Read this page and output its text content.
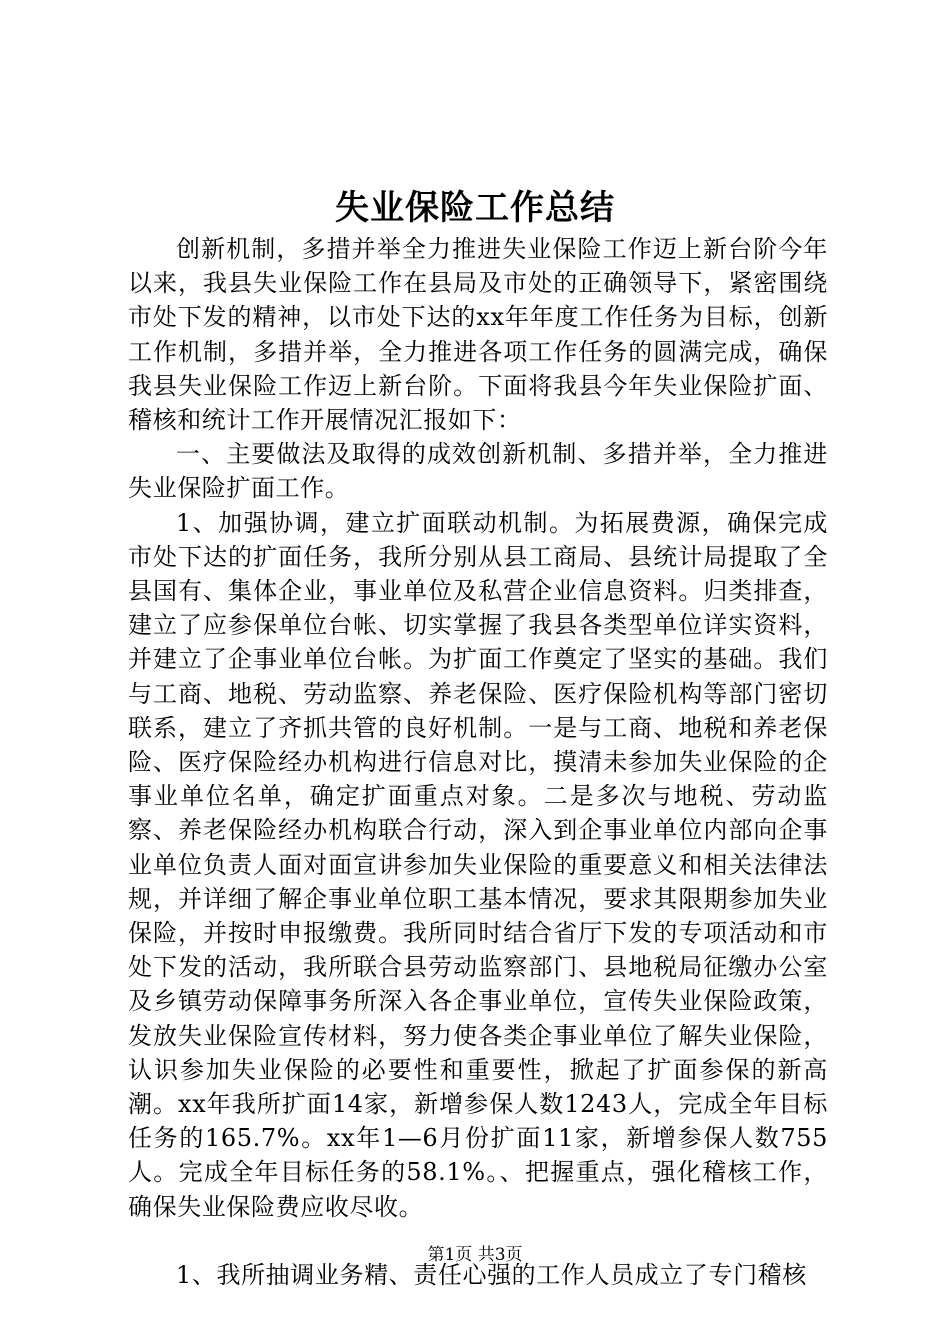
失业保险工作总结

创新机制，多措并举全力推进失业保险工作迈上新台阶今年以来，我县失业保险工作在县局及市处的正确领导下，紧密围绕市处下发的精神，以市处下达的xx年年度工作任务为目标，创新工作机制，多措并举，全力推进各项工作任务的圆满完成，确保我县失业保险工作迈上新台阶。下面将我县今年失业保险扩面、稽核和统计工作开展情况汇报如下：

一、主要做法及取得的成效创新机制、多措并举，全力推进失业保险扩面工作。

1、加强协调，建立扩面联动机制。为拓展费源，确保完成市处下达的扩面任务，我所分别从县工商局、县统计局提取了全县国有、集体企业，事业单位及私营企业信息资料。归类排查，建立了应参保单位台帐、切实掌握了我县各类型单位详实资料，并建立了企事业单位台帐。为扩面工作奠定了坚实的基础。我们与工商、地税、劳动监察、养老保险、医疗保险机构等部门密切联系，建立了齐抓共管的良好机制。一是与工商、地税和养老保险、医疗保险经办机构进行信息对比，摸清未参加失业保险的企事业单位名单，确定扩面重点对象。二是多次与地税、劳动监察、养老保险经办机构联合行动，深入到企事业单位内部向企事业单位负责人面对面宣讲参加失业保险的重要意义和相关法律法规，并详细了解企事业单位职工基本情况，要求其限期参加失业保险，并按时申报缴费。我所同时结合省厅下发的专项活动和市处下发的活动，我所联合县劳动监察部门、县地税局征缴办公室及乡镇劳动保障事务所深入各企事业单位，宣传失业保险政策，发放失业保险宣传材料，努力使各类企事业单位了解失业保险，认识参加失业保险的必要性和重要性，掀起了扩面参保的新高潮。xx年我所扩面14家，新增参保人数1243人，完成全年目标任务的165.7%。xx年1—6月份扩面11家，新增参保人数755人。完成全年目标任务的58.1%。、把握重点，强化稽核工作，确保失业保险费应收尽收。

1、我所抽调业务精、责任心强的工作人员成立了专门稽核

第1页 共3页
